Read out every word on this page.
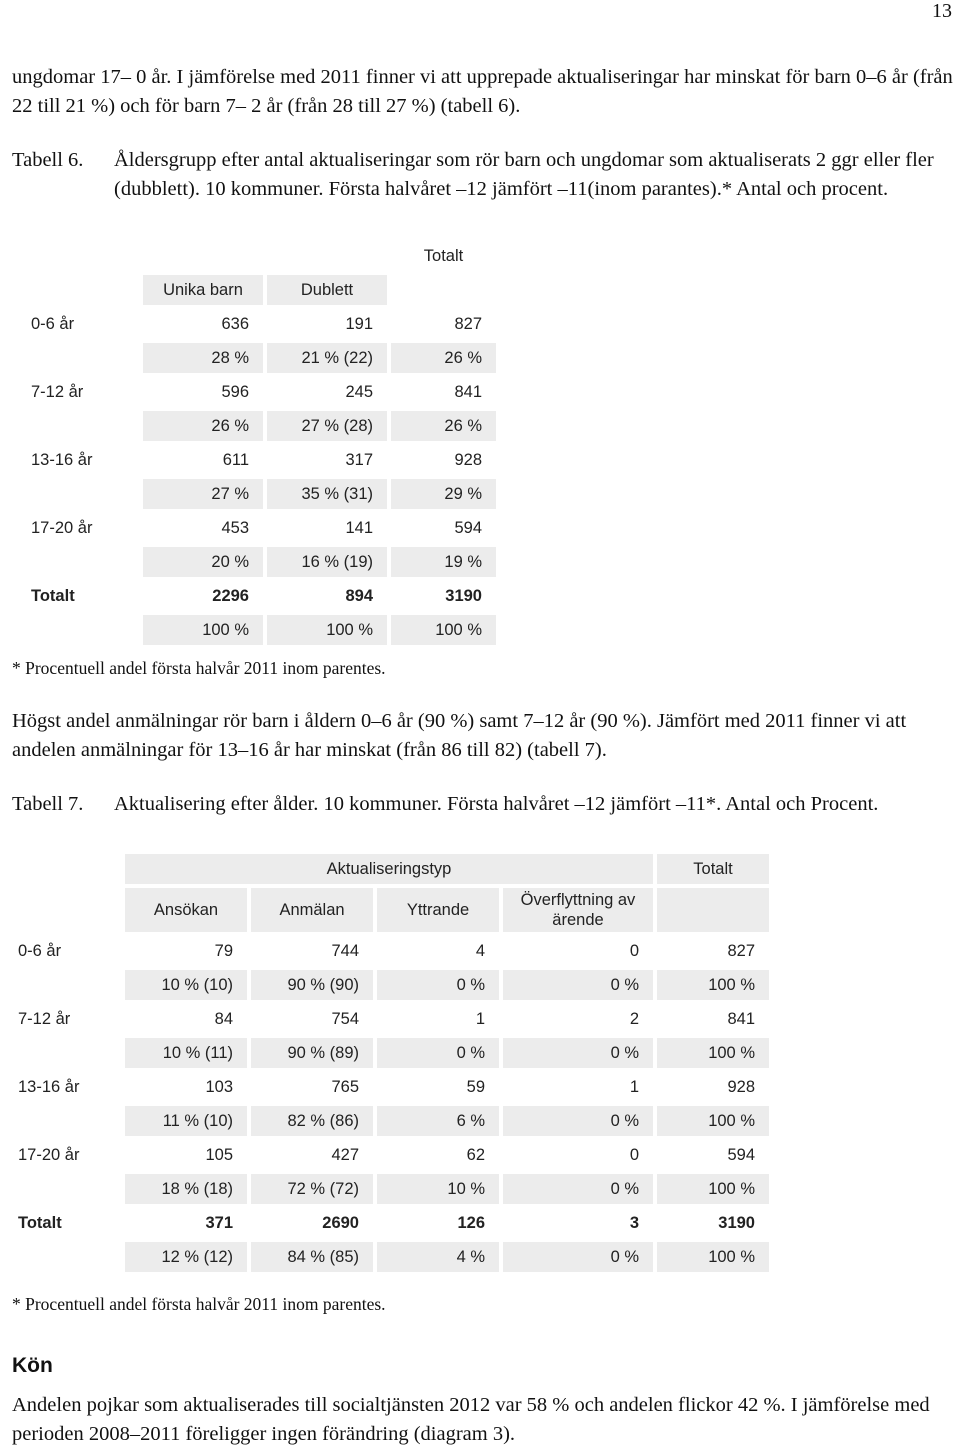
13

ungdomar 17– 0 år. I jämförelse med 2011 finner vi att upprepade aktualiseringar har minskat för barn 0–6 år (från 22 till 21 %) och för barn 7– 2 år (från 28 till 27 %) (tabell 6).

Tabell 6. Åldersgrupp efter antal aktualiseringar som rör barn och ungdomar som aktualiserats 2 ggr eller fler (dubblett). 10 kommuner. Första halvåret –12 jämfört –11(inom parantes).* Antal och procent.
			Totalt
	Unika barn	Dublett	
0-6 år	636	191	827
	28 %	21 % (22)	26 %
7-12 år	596	245	841
	26 %	27 % (28)	26 %
13-16 år	611	317	928
	27 %	35 % (31)	29 %
17-20 år	453	141	594
	20 %	16 % (19)	19 %
Totalt	2296	894	3190
	100 %	100 %	100 %
* Procentuell andel första halvår 2011 inom parentes.

Högst andel anmälningar rör barn i åldern 0–6 år (90 %) samt 7–12 år (90 %). Jämfört med 2011 finner vi att andelen anmälningar för 13–16 år har minskat (från 86 till 82) (tabell 7).

Tabell 7. Aktualisering efter ålder. 10 kommuner. Första halvåret –12 jämfört –11*. Antal och Procent.
	Aktualiseringstyp				Totalt
	Ansökan	Anmälan	Yttrande	Överflyttning av ärende	
0-6 år	79	744	4	0	827
	10 % (10)	90 % (90)	0 %	0 %	100 %
7-12 år	84	754	1	2	841
	10 % (11)	90 % (89)	0 %	0 %	100 %
13-16 år	103	765	59	1	928
	11 % (10)	82 % (86)	6 %	0 %	100 %
17-20 år	105	427	62	0	594
	18 % (18)	72 % (72)	10 %	0 %	100 %
Totalt	371	2690	126	3	3190
	12 % (12)	84 % (85)	4 %	0 %	100 %
* Procentuell andel första halvår 2011 inom parentes.
Kön

Andelen pojkar som aktualiserades till socialtjänsten 2012 var 58 % och andelen flickor 42 %. I jämförelse med perioden 2008–2011 föreligger ingen förändring (diagram 3).
